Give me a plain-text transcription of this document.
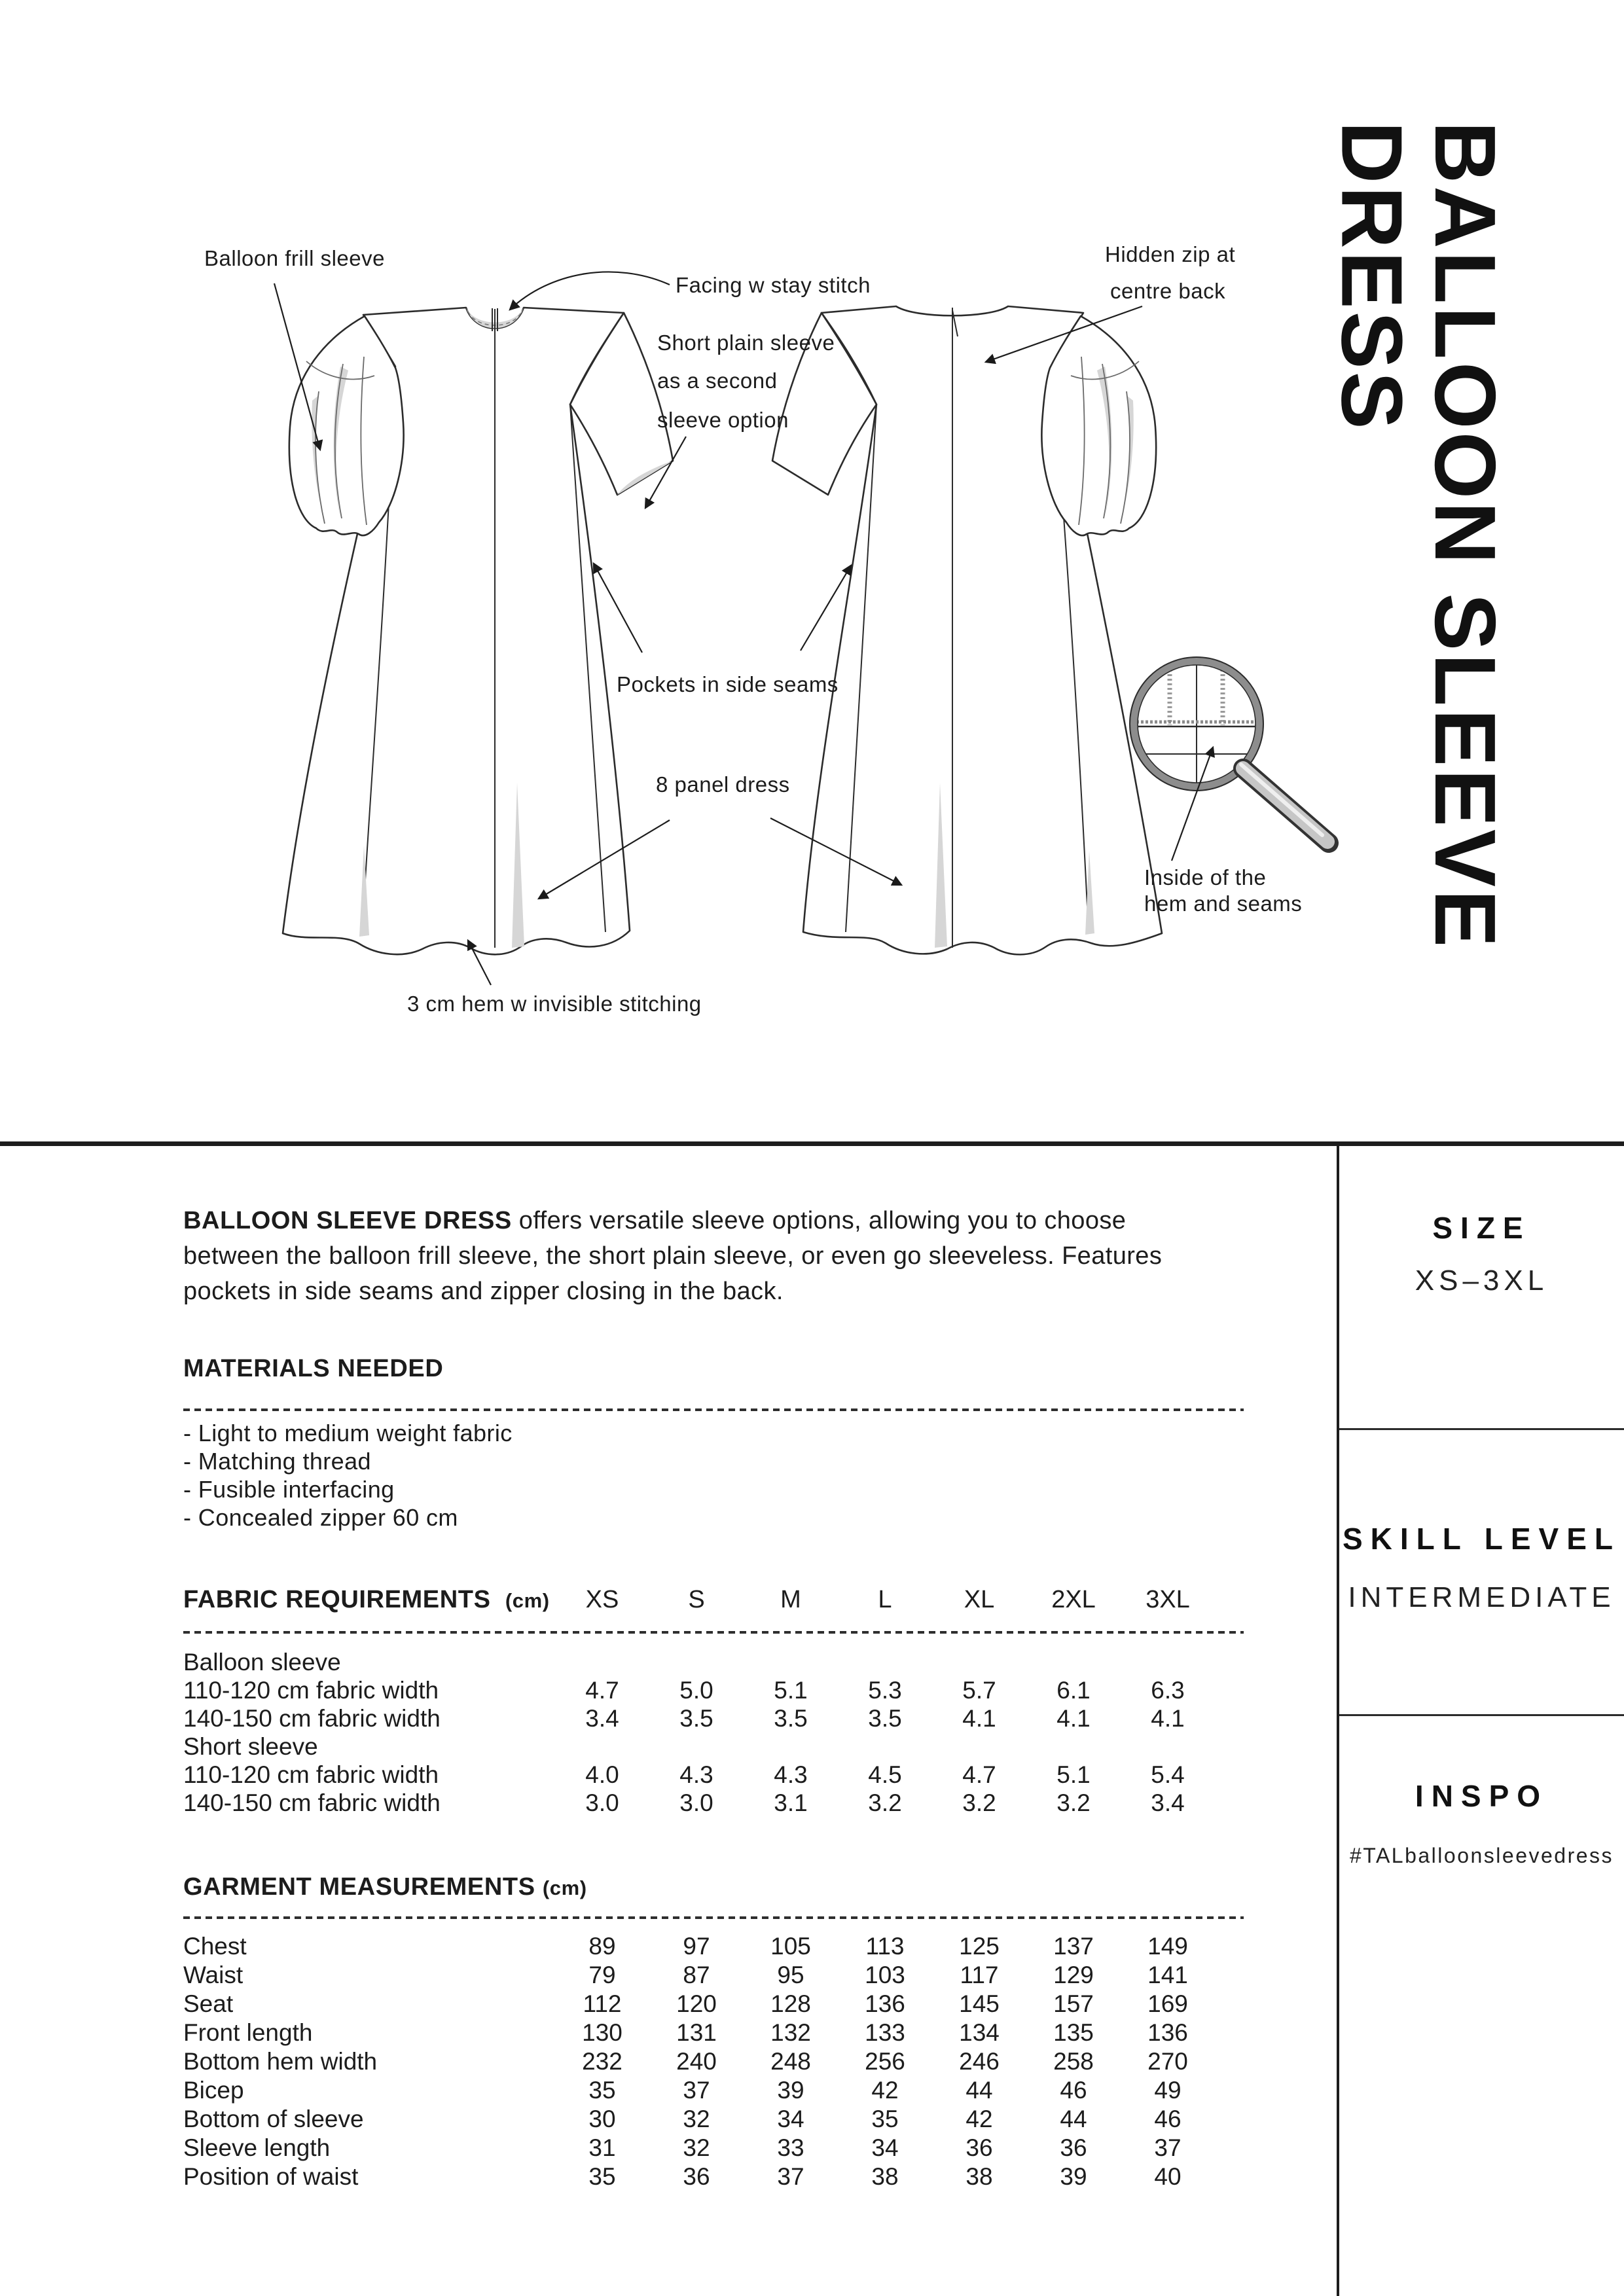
Balloon frill sleeve
Facing w stay stitch
Short plain sleeve
as a second
sleeve option
Hidden zip at
centre back
Pockets in side seams
8 panel dress
3 cm hem w invisible stitching
Inside of the
hem and seams BALLOON SLEEVE
DRESS
BALLOON SLEEVE DRESS offers versatile sleeve options, allowing you to choose
between the balloon frill sleeve, the short plain sleeve, or even go sleeveless. Features
pockets in side seams and zipper closing in the back.
MATERIALS NEEDED
- Light to medium weight fabric
- Matching thread
- Fusible interfacing
- Concealed zipper 60 cm
FABRIC REQUIREMENTS (cm)	XS	S	M	L	XL	2XL	3XL
Balloon sleeve
110-120 cm fabric width	4.7	5.0	5.1	5.3	5.7	6.1	6.3
140-150 cm fabric width	3.4	3.5	3.5	3.5	4.1	4.1	4.1
Short sleeve
110-120 cm fabric width	4.0	4.3	4.3	4.5	4.7	5.1	5.4
140-150 cm fabric width	3.0	3.0	3.1	3.2	3.2	3.2	3.4
GARMENT MEASUREMENTS (cm)
Chest	89	97	105	113	125	137	149
Waist	79	87	95	103	117	129	141
Seat	112	120	128	136	145	157	169
Front length	130	131	132	133	134	135	136
Bottom hem width	232	240	248	256	246	258	270
Bicep	35	37	39	42	44	46	49
Bottom of sleeve	30	32	34	35	42	44	46
Sleeve length	31	32	33	34	36	36	37
Position of waist	35	36	37	38	38	39	40
SIZE
XS–3XL
SKILL LEVEL
INTERMEDIATE
INSPO
#TALballoonsleevedress
